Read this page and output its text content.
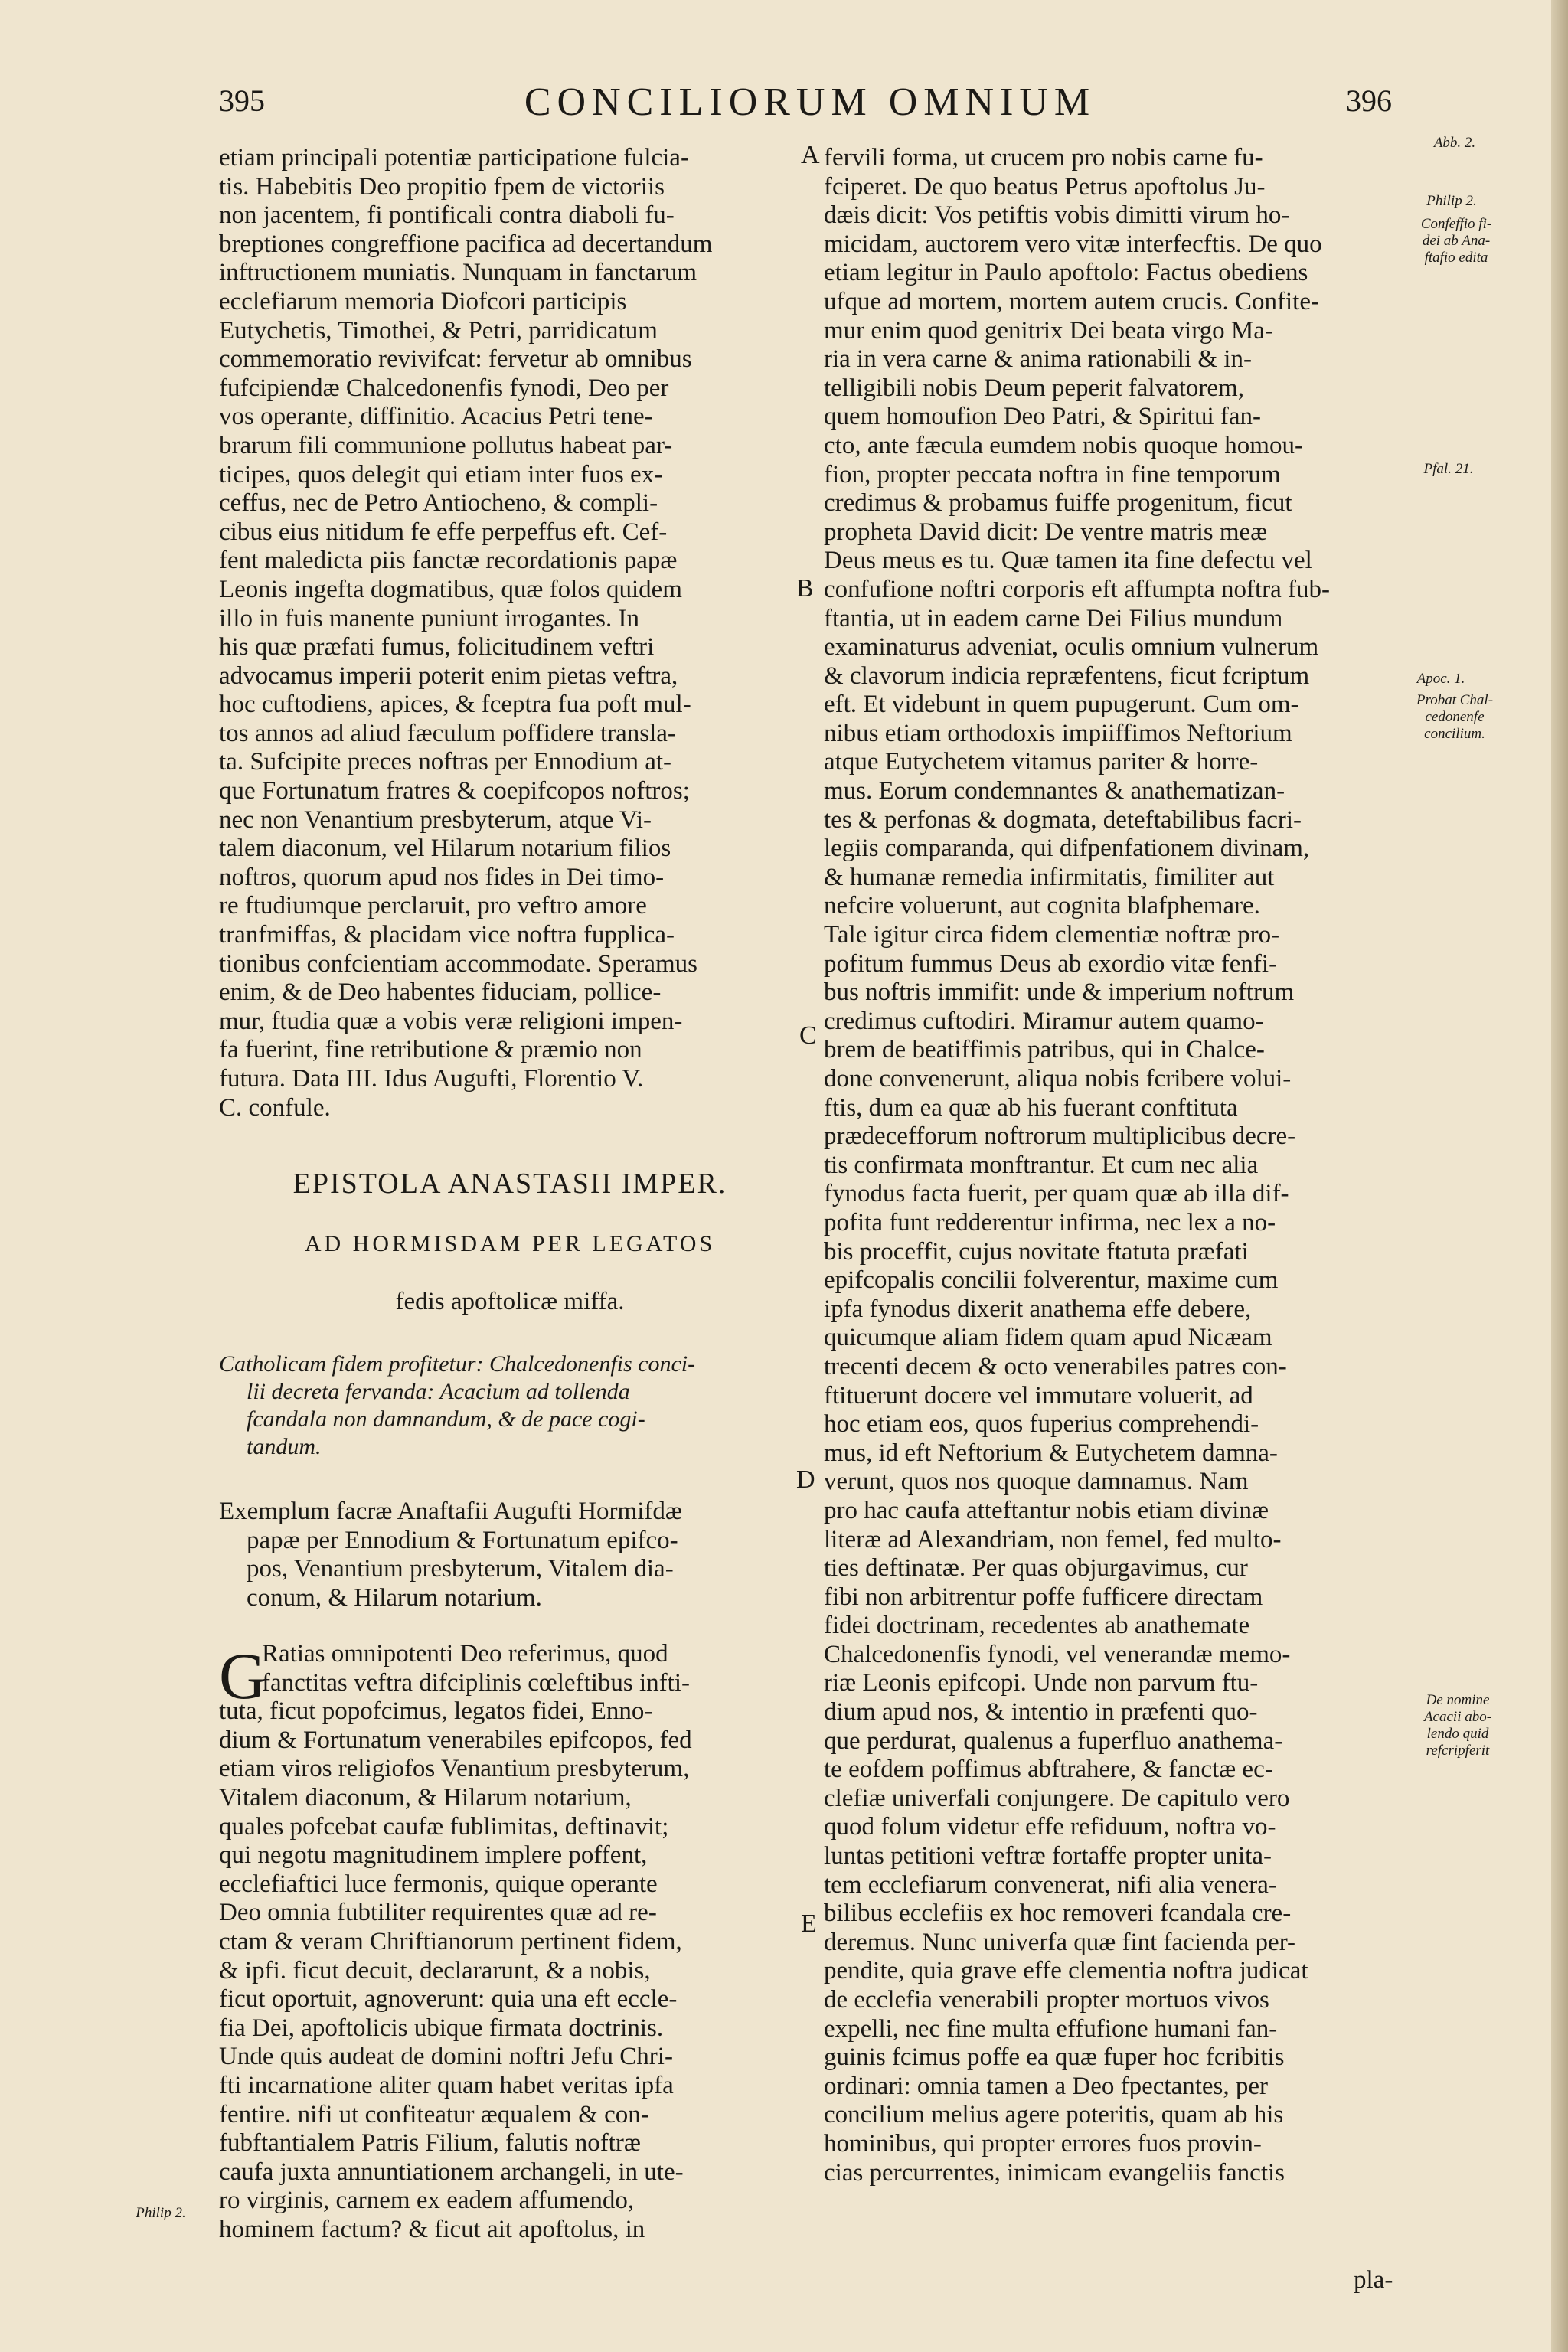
395	CONCILIORUM OMNIUM	396
etiam principali potentiæ participatione fulcia-
tis. Habebitis Deo propitio fpem de victoriis
non jacentem, fi pontificali contra diaboli fu-
breptiones congreffione pacifica ad decertandum
inftructionem muniatis. Nunquam in fanctarum
ecclefiarum memoria Diofcori participis
Eutychetis, Timothei, & Petri, parridicatum
commemoratio revivifcat: fervetur ab omnibus
fufcipiendæ Chalcedonenfis fynodi, Deo per
vos operante, diffinitio. Acacius Petri tene-
brarum fili communione pollutus habeat par-
ticipes, quos delegit qui etiam inter fuos ex-
ceffus, nec de Petro Antiocheno, & compli-
cibus eius nitidum fe effe perpeffus eft. Cef-
fent maledicta piis fanctæ recordationis papæ
Leonis ingefta dogmatibus, quæ folos quidem
illo in fuis manente puniunt irrogantes. In
his quæ præfati fumus, folicitudinem veftri
advocamus imperii poterit enim pietas veftra,
hoc cuftodiens, apices, & fceptra fua poft mul-
tos annos ad aliud fæculum poffidere transla-
ta. Sufcipite preces noftras per Ennodium at-
que Fortunatum fratres & coepifcopos noftros;
nec non Venantium presbyterum, atque Vi-
talem diaconum, vel Hilarum notarium filios
noftros, quorum apud nos fides in Dei timo-
re ftudiumque perclaruit, pro veftro amore
tranfmiffas, & placidam vice noftra fupplica-
tionibus confcientiam accommodate. Speramus
enim, & de Deo habentes fiduciam, pollice-
mur, ftudia quæ a vobis veræ religioni impen-
fa fuerint, fine retributione & præmio non
futura. Data III. Idus Augufti, Florentio V.
C. confule.
EPISTOLA ANASTASII IMPER.
AD HORMISDAM PER LEGATOS
fedis apoftolicæ miffa.
Catholicam fidem profitetur: Chalcedonenfis conci-
lii decreta fervanda: Acacium ad tollenda
fcandala non damnandum, & de pace cogi-
tandum.
Exemplum facræ Anaftafii Augufti Hormifdæ
papæ per Ennodium & Fortunatum epifco-
pos, Venantium presbyterum, Vitalem dia-
conum, & Hilarum notarium.
G
Ratias omnipotenti Deo referimus, quod
fanctitas veftra difciplinis cœleftibus infti-
tuta, ficut popofcimus, legatos fidei, Enno-
dium & Fortunatum venerabiles epifcopos, fed
etiam viros religiofos Venantium presbyterum,
Vitalem diaconum, & Hilarum notarium,
quales pofcebat caufæ fublimitas, deftinavit;
qui negotu magnitudinem implere poffent,
ecclefiaftici luce fermonis, quique operante
Deo omnia fubtiliter requirentes quæ ad re-
ctam & veram Chriftianorum pertinent fidem,
& ipfi. ficut decuit, declararunt, & a nobis,
ficut oportuit, agnoverunt: quia una eft eccle-
fia Dei, apoftolicis ubique firmata doctrinis.
Unde quis audeat de domini noftri Jefu Chri-
fti incarnatione aliter quam habet veritas ipfa
fentire. nifi ut confiteatur æqualem & con-
fubftantialem Patris Filium, falutis noftræ
caufa juxta annuntiationem archangeli, in ute-
ro virginis, carnem ex eadem affumendo,
hominem factum? & ficut ait apoftolus, in
fervili forma, ut crucem pro nobis carne fu-
fciperet. De quo beatus Petrus apoftolus Ju-
dæis dicit: Vos petiftis vobis dimitti virum ho-
micidam, auctorem vero vitæ interfecftis. De quo
etiam legitur in Paulo apoftolo: Factus obediens
ufque ad mortem, mortem autem crucis. Confite-
mur enim quod genitrix Dei beata virgo Ma-
ria in vera carne & anima rationabili & in-
telligibili nobis Deum peperit falvatorem,
quem homoufion Deo Patri, & Spiritui fan-
cto, ante fæcula eumdem nobis quoque homou-
fion, propter peccata noftra in fine temporum
credimus & probamus fuiffe progenitum, ficut
propheta David dicit: De ventre matris meæ
Deus meus es tu. Quæ tamen ita fine defectu vel
confufione noftri corporis eft affumpta noftra fub-
ftantia, ut in eadem carne Dei Filius mundum
examinaturus adveniat, oculis omnium vulnerum
& clavorum indicia repræfentens, ficut fcriptum
eft. Et videbunt in quem pupugerunt. Cum om-
nibus etiam orthodoxis impiiffimos Neftorium
atque Eutychetem vitamus pariter & horre-
mus. Eorum condemnantes & anathematizan-
tes & perfonas & dogmata, deteftabilibus facri-
legiis comparanda, qui difpenfationem divinam,
& humanæ remedia infirmitatis, fimiliter aut
nefcire voluerunt, aut cognita blafphemare.
Tale igitur circa fidem clementiæ noftræ pro-
pofitum fummus Deus ab exordio vitæ fenfi-
bus noftris immifit: unde & imperium noftrum
credimus cuftodiri. Miramur autem quamo-
brem de beatiffimis patribus, qui in Chalce-
done convenerunt, aliqua nobis fcribere volui-
ftis, dum ea quæ ab his fuerant conftituta
prædecefforum noftrorum multiplicibus decre-
tis confirmata monftrantur. Et cum nec alia
fynodus facta fuerit, per quam quæ ab illa dif-
pofita funt redderentur infirma, nec lex a no-
bis proceffit, cujus novitate ftatuta præfati
epifcopalis concilii folverentur, maxime cum
ipfa fynodus dixerit anathema effe debere,
quicumque aliam fidem quam apud Nicæam
trecenti decem & octo venerabiles patres con-
ftituerunt docere vel immutare voluerit, ad
hoc etiam eos, quos fuperius comprehendi-
mus, id eft Neftorium & Eutychetem damna-
verunt, quos nos quoque damnamus. Nam
pro hac caufa atteftantur nobis etiam divinæ
literæ ad Alexandriam, non femel, fed multo-
ties deftinatæ. Per quas objurgavimus, cur
fibi non arbitrentur poffe fufficere directam
fidei doctrinam, recedentes ab anathemate
Chalcedonenfis fynodi, vel venerandæ memo-
riæ Leonis epifcopi. Unde non parvum ftu-
dium apud nos, & intentio in præfenti quo-
que perdurat, qualenus a fuperfluo anathema-
te eofdem poffimus abftrahere, & fanctæ ec-
clefiæ univerfali conjungere. De capitulo vero
quod folum videtur effe refiduum, noftra vo-
luntas petitioni veftræ fortaffe propter unita-
tem ecclefiarum convenerat, nifi alia venera-
bilibus ecclefiis ex hoc removeri fcandala cre-
deremus. Nunc univerfa quæ fint facienda per-
pendite, quia grave effe clementia noftra judicat
de ecclefia venerabili propter mortuos vivos
expelli, nec fine multa effufione humani fan-
guinis fcimus poffe ea quæ fuper hoc fcribitis
ordinari: omnia tamen a Deo fpectantes, per
concilium melius agere poteritis, quam ab his
hominibus, qui propter errores fuos provin-
cias percurrentes, inimicam evangeliis fanctis
pla-
A
B
C
D
E
Abb. 2.
Philip 2.
Confeffio fi-
dei ab Ana-
ftafio edita
Pfal. 21.
Apoc. 1.
Probat Chal-
cedonenfe
concilium.
De nomine
Acacii abo-
lendo quid
refcripferit
Philip 2.
